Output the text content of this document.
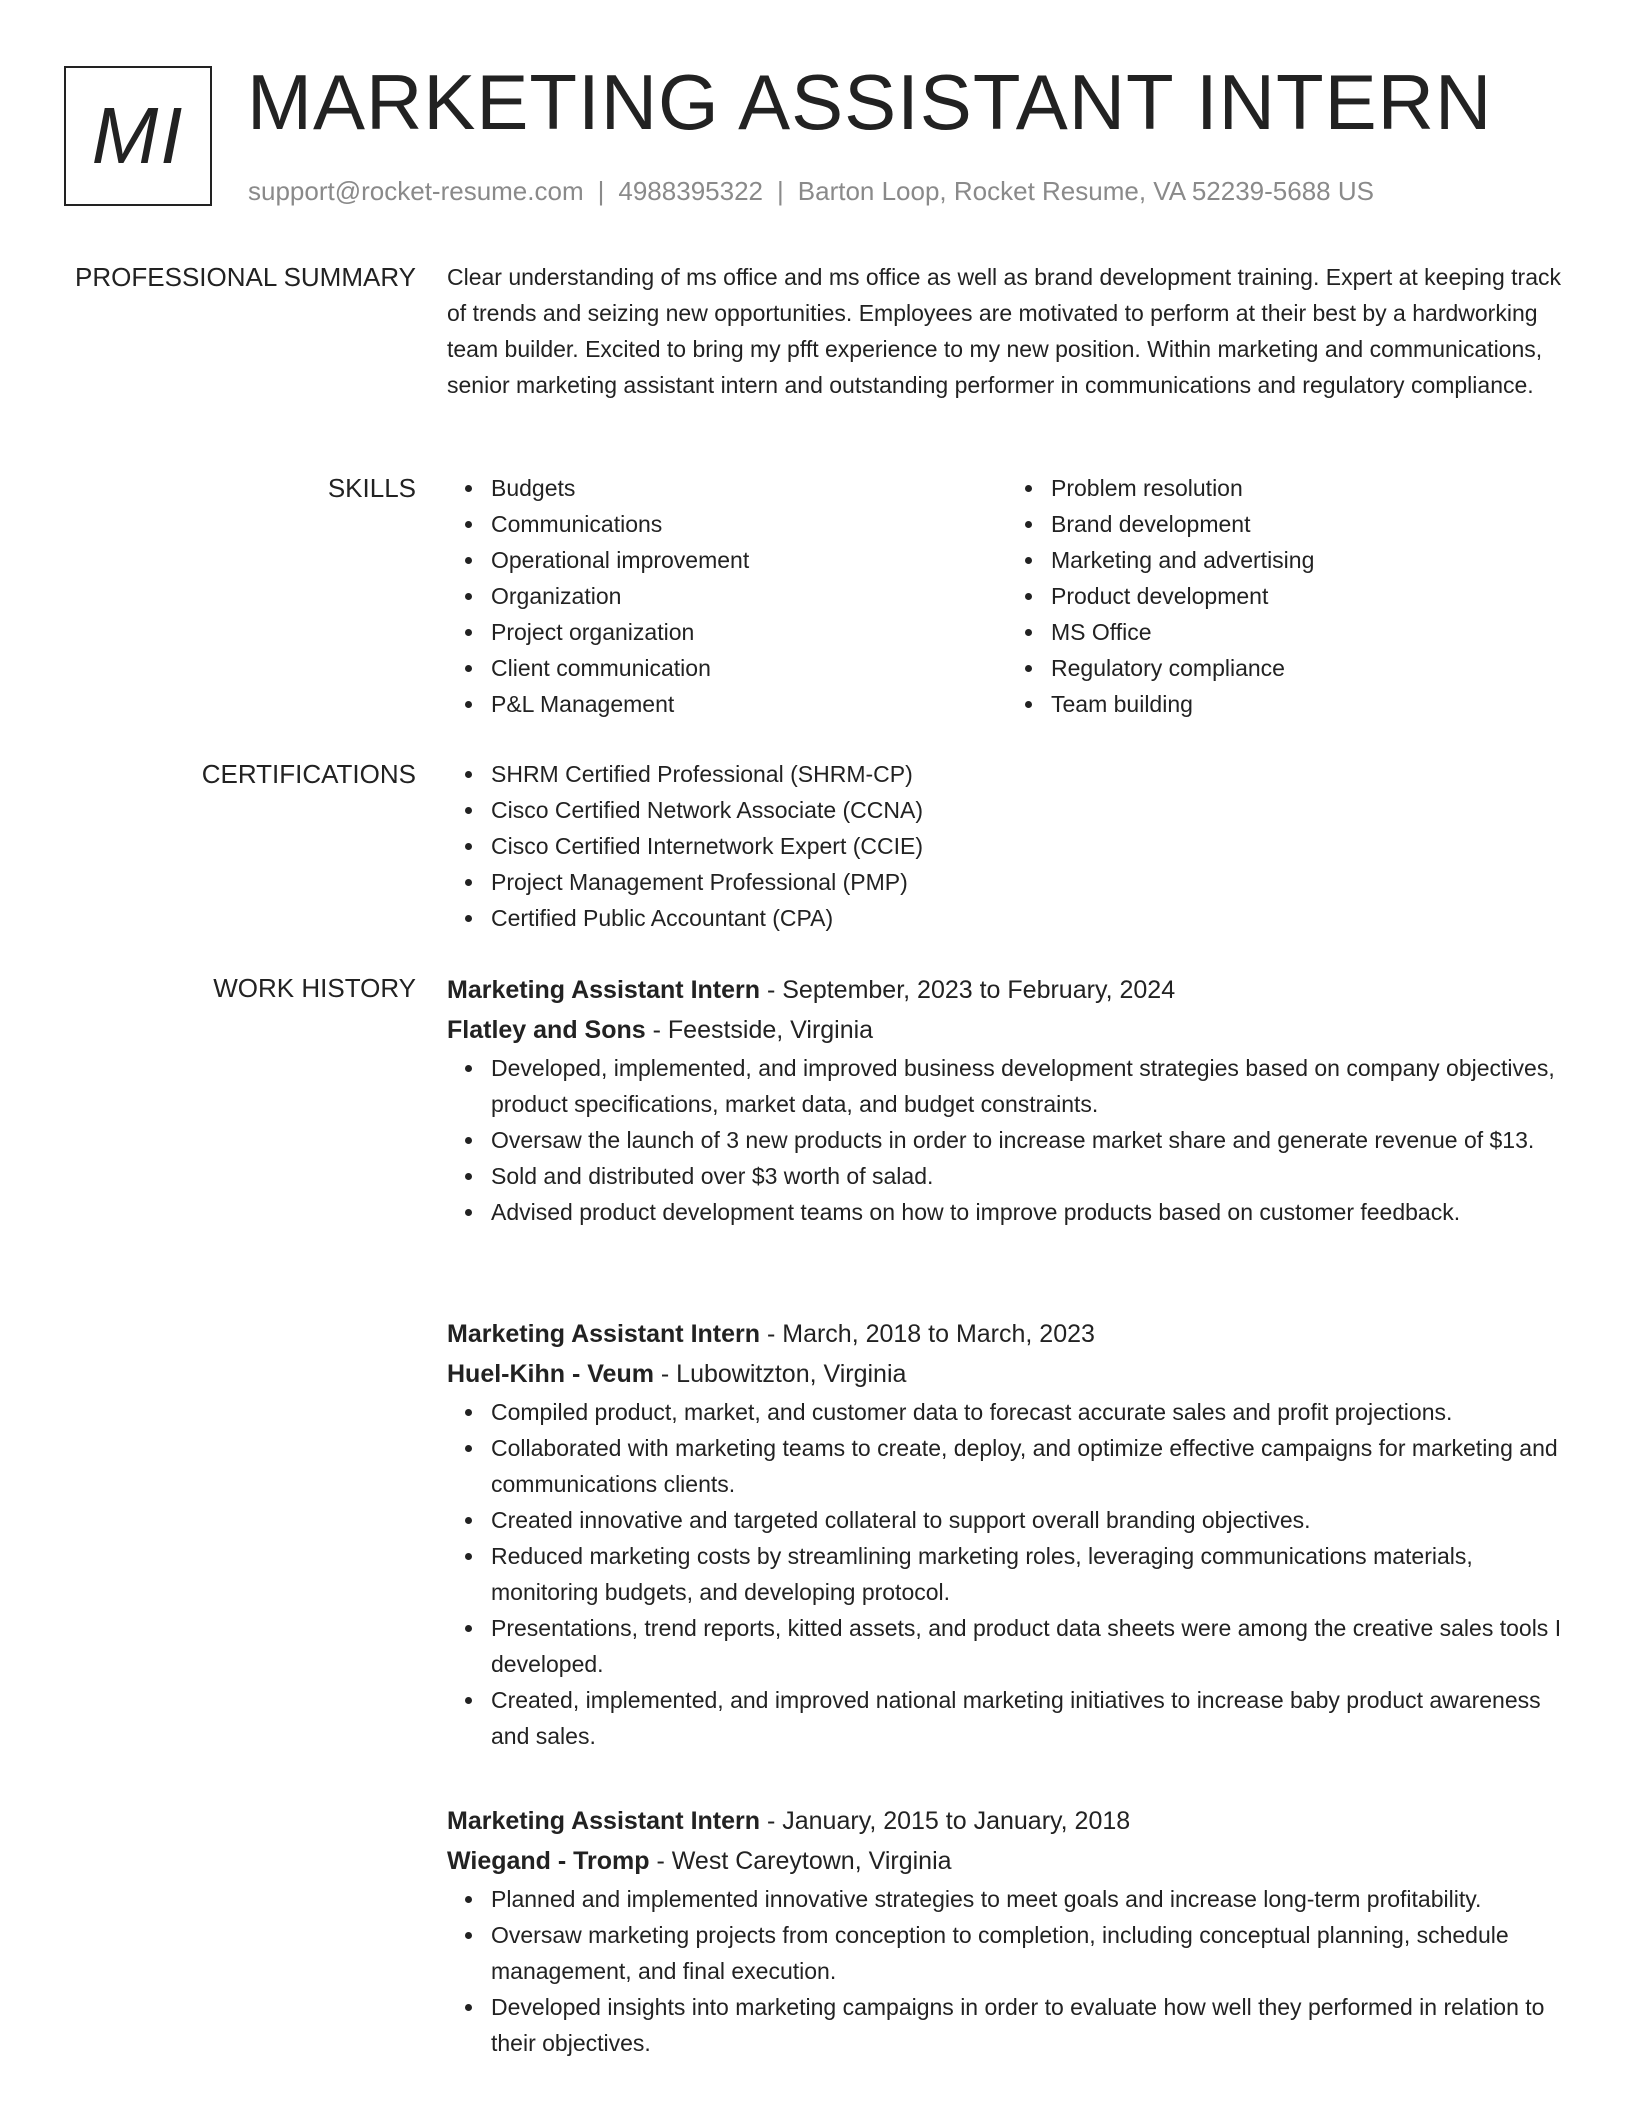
MI MARKETING ASSISTANT INTERN
support@rocket-resume.com | 4988395322 | Barton Loop, Rocket Resume, VA 52239-5688 US
PROFESSIONAL SUMMARY Clear understanding of ms office and ms office as well as brand development training. Expert at keeping track of trends and seizing new opportunities. Employees are motivated to perform at their best by a hardworking team builder. Excited to bring my pfft experience to my new position. Within marketing and communications, senior marketing assistant intern and outstanding performer in communications and regulatory compliance.
SKILLS	Budgets
Communications
Operational improvement
Organization
Project organization
Client communication
P&L Management
Problem resolution
Brand development
Marketing and advertising
Product development
MS Office
Regulatory compliance
Team building
CERTIFICATIONS	SHRM Certified Professional (SHRM-CP)
Cisco Certified Network Associate (CCNA)
Cisco Certified Internetwork Expert (CCIE)
Project Management Professional (PMP)
Certified Public Accountant (CPA)
WORK HISTORY Marketing Assistant Intern - September, 2023 to February, 2024
Flatley and Sons - Feestside, Virginia
Developed, implemented, and improved business development strategies based on company objectives, product specifications, market data, and budget constraints.
Oversaw the launch of 3 new products in order to increase market share and generate revenue of $13.
Sold and distributed over $3 worth of salad.
Advised product development teams on how to improve products based on customer feedback.
Marketing Assistant Intern - March, 2018 to March, 2023
Huel-Kihn - Veum - Lubowitzton, Virginia
Compiled product, market, and customer data to forecast accurate sales and profit projections.
Collaborated with marketing teams to create, deploy, and optimize effective campaigns for marketing and communications clients.
Created innovative and targeted collateral to support overall branding objectives.
Reduced marketing costs by streamlining marketing roles, leveraging communications materials, monitoring budgets, and developing protocol.
Presentations, trend reports, kitted assets, and product data sheets were among the creative sales tools I developed.
Created, implemented, and improved national marketing initiatives to increase baby product awareness and sales.
Marketing Assistant Intern - January, 2015 to January, 2018
Wiegand - Tromp - West Careytown, Virginia
Planned and implemented innovative strategies to meet goals and increase long-term profitability.
Oversaw marketing projects from conception to completion, including conceptual planning, schedule management, and final execution.
Developed insights into marketing campaigns in order to evaluate how well they performed in relation to their objectives.
